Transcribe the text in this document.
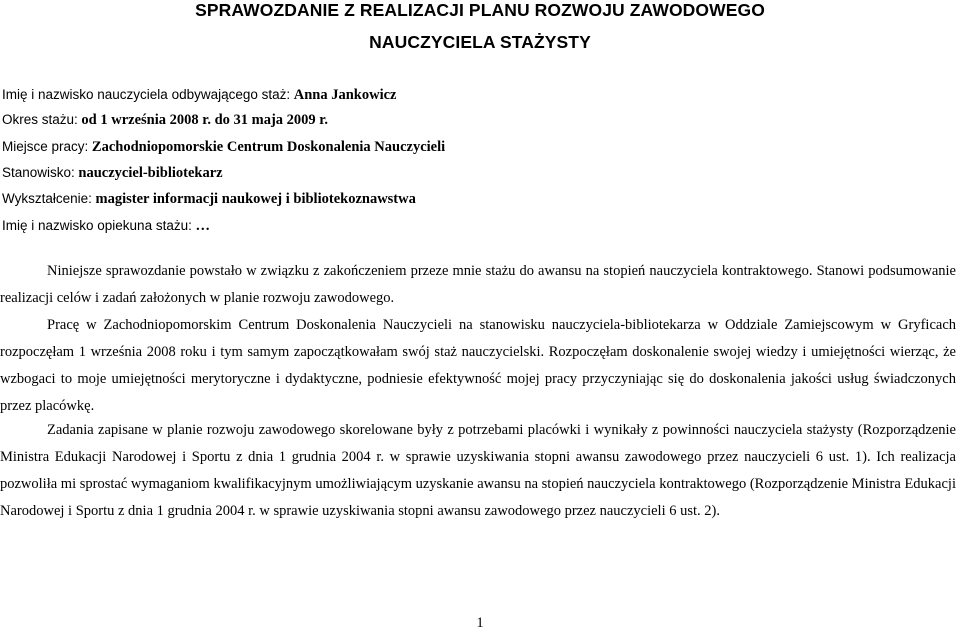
SPRAWOZDANIE Z REALIZACJI PLANU ROZWOJU ZAWODOWEGO
NAUCZYCIELA STAŻYSTY
Imię i nazwisko nauczyciela odbywającego staż: Anna Jankowicz
Okres stażu: od 1 września 2008 r. do 31 maja 2009 r.
Miejsce pracy: Zachodniopomorskie Centrum Doskonalenia Nauczycieli
Stanowisko: nauczyciel-bibliotekarz
Wykształcenie: magister informacji naukowej i bibliotekoznawstwa
Imię i nazwisko opiekuna stażu: …

Niniejsze sprawozdanie powstało w związku z zakończeniem przeze mnie stażu do awansu na stopień nauczyciela kontraktowego. Stanowi podsumowanie realizacji celów i zadań założonych w planie rozwoju zawodowego.

Pracę w Zachodniopomorskim Centrum Doskonalenia Nauczycieli na stanowisku nauczyciela-bibliotekarza w Oddziale Zamiejscowym w Gryficach rozpoczęłam 1 września 2008 roku i tym samym zapoczątkowałam swój staż nauczycielski. Rozpoczęłam doskonalenie swojej wiedzy i umiejętności wierząc, że wzbogaci to moje umiejętności merytoryczne i dydaktyczne, podniesie efektywność mojej pracy przyczyniając się do doskonalenia jakości usług świadczonych przez placówkę.

Zadania zapisane w planie rozwoju zawodowego skorelowane były z potrzebami placówki i wynikały z powinności nauczyciela stażysty (Rozporządzenie Ministra Edukacji Narodowej i Sportu z dnia 1 grudnia 2004 r. w sprawie uzyskiwania stopni awansu zawodowego przez nauczycieli 6 ust. 1). Ich realizacja pozwoliła mi sprostać wymaganiom kwalifikacyjnym umożliwiającym uzyskanie awansu na stopień nauczyciela kontraktowego (Rozporządzenie Ministra Edukacji Narodowej i Sportu z dnia 1 grudnia 2004 r. w sprawie uzyskiwania stopni awansu zawodowego przez nauczycieli 6 ust. 2).

1
